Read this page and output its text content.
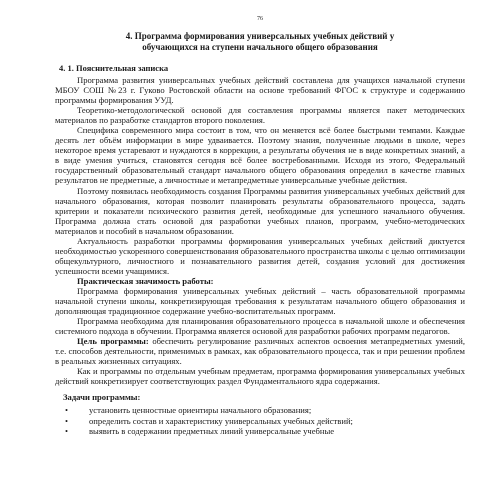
76
4. Программа формирования универсальных учебных действий у
обучающихся на ступени начального общего образования
4. 1. Пояснительная записка

Программа развития универсальных учебных действий составлена для учащихся начальной ступени МБОУ СОШ №23 г. Гуково Ростовской области на основе требований ФГОС к структуре и содержанию программы формирования УУД.

Теоретико-методологической основой для составления программы является пакет методических материалов по разработке стандартов второго поколения.

Специфика современного мира состоит в том, что он меняется всё более быстрыми темпами. Каждые десять лет объём информации в мире удваивается. Поэтому знания, полученные людьми в школе, через некоторое время устаревают и нуждаются в коррекции, а результаты обучения не в виде конкретных знаний, а в виде умения учиться, становятся сегодня всё более востребованными. Исходя из этого, Федеральный государственный образовательный стандарт начального общего образования определил в качестве главных результатов не предметные, а личностные и метапредметные универсальные учебные действия.

Поэтому появилась необходимость создания Программы развития универсальных учебных действий для начального образования, которая позволит планировать результаты образовательного процесса, задать критерии и показатели психического развития детей, необходимые для успешного начального обучения. Программа должна стать основой для разработки учебных планов, программ, учебно-методических материалов и пособий в начальном образовании.

Актуальность разработки программы формирования универсальных учебных действий диктуется необходимостью ускоренного совершенствования образовательного пространства школы с целью оптимизации общекультурного, личностного и познавательного развития детей, создания условий для достижения успешности всеми учащимися.

Практическая значимость работы:

Программа формирования универсальных учебных действий – часть образовательной программы начальной ступени школы, конкретизирующая требования к результатам начального общего образования и дополняющая традиционное содержание учебно-воспитательных программ.

Программа необходима для планирования образовательного процесса в начальной школе и обеспечения системного подхода в обучении. Программа является основой для разработки рабочих программ педагогов.

Цель программы: обеспечить регулирование различных аспектов освоения метапредметных умений, т.е. способов деятельности, применимых в рамках, как образовательного процесса, так и при решении проблем в реальных жизненных ситуациях.

Как и программы по отдельным учебным предметам, программа формирования универсальных учебных действий конкретизирует соответствующих раздел Фундаментального ядра содержания.

Задачи программы:
• установить ценностные ориентиры начального образования;
• определить состав и характеристику универсальных учебных действий;
• выявить в содержании предметных линий универсальные учебные
